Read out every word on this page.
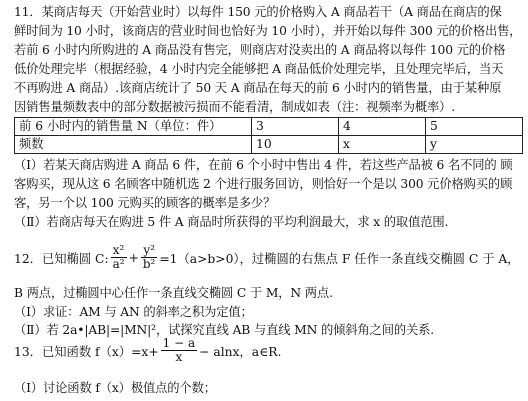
11．某商店每天（开始营业时）以每件 150 元的价格购入 A 商品若干（A 商品在商店的保
鲜时间为 10 小时，该商店的营业时间也恰好为 10 小时），并开始以每件 300 元的价格出售，
若前 6 小时内所购进的 A 商品没有售完，则商店对没卖出的 A 商品将以每件 100 元的价格
低价处理完毕（根据经验，4 小时内完全能够把 A 商品低价处理完毕，且处理完毕后，当天
不再购进 A 商品）.该商店统计了 50 天 A 商品在每天的前 6 小时内的销售量，由于某种原
因销售量频数表中的部分数据被污损而不能看清，制成如表（注：视频率为概率）.
前 6 小时内的销售量 N（单位：件）	3	4	5
频数	10	x	y
（Ⅰ）若某天商店购进 A 商品 6 件，在前 6 个小时中售出 4 件，若这些产品被 6 名不同的 顾
客购买，现从这 6 名顾客中随机选 2 个进行服务回访，则恰好一个是以 300 元价格购买的顾
客，另一个以 100 元购买的顾客的概率是多少？
（Ⅱ）若商店每天在购进 5 件 A 商品时所获得的平均利润最大，求 x 的取值范围.
12．已知椭圆 C: $\frac{\text{x²}}{\text{a²}} + \frac{\text{y²}}{\text{b²}} =1(a>b>0)$，过椭圆的右焦点 F 任作一条直线交椭圆 C 于 A，
B 两点，过椭圆中心任作一条直线交椭圆 C 于 M，N 两点.
（Ⅰ）求证：AM 与 AN 的斜率之积为定值；
（Ⅱ）若 2a•|AB|=|MN|²，试探究直线 AB 与直线 MN 的倾斜角之间的关系.
13．已知函数 $f(x)=x+ \frac{1 - a}{x} - alnx$，a∈R.
（Ⅰ）讨论函数 f（x）极值点的个数；
